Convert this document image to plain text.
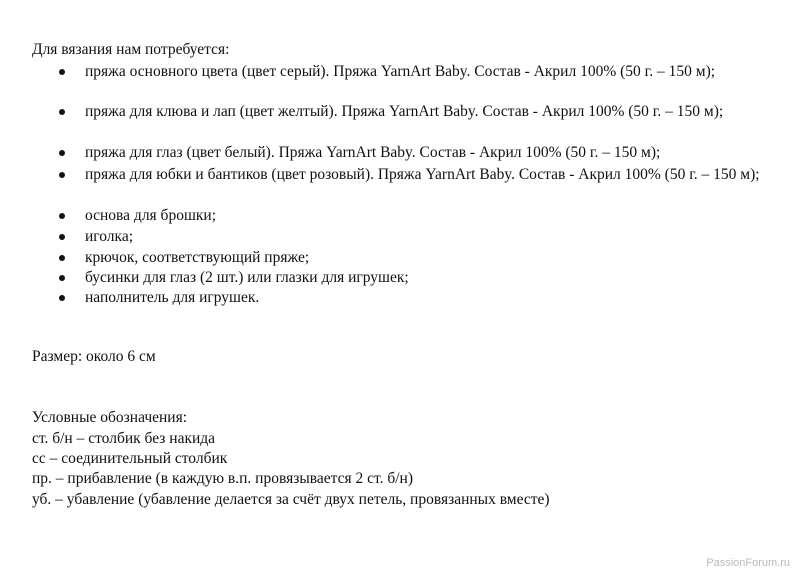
Для вязания нам потребуется:
пряжа основного цвета (цвет серый). Пряжа YarnArt Baby. Состав - Акрил 100% (50 г. – 150 м);
пряжа для клюва и лап (цвет желтый). Пряжа YarnArt Baby. Состав - Акрил 100% (50 г. – 150 м);
пряжа для глаз (цвет белый). Пряжа YarnArt Baby. Состав - Акрил 100% (50 г. – 150 м);
пряжа для юбки и бантиков (цвет розовый). Пряжа YarnArt Baby. Состав - Акрил 100% (50 г. – 150 м);
основа для брошки;
иголка;
крючок, соответствующий пряже;
бусинки для глаз (2 шт.) или глазки для игрушек;
наполнитель для игрушек.
Размер: около 6 см
Условные обозначения:
ст. б/н – столбик без накида
сс – соединительный столбик
пр. – прибавление (в каждую в.п. провязывается 2 ст. б/н)
уб. – убавление (убавление делается за счёт двух петель, провязанных вместе)
PassionForum.ru
